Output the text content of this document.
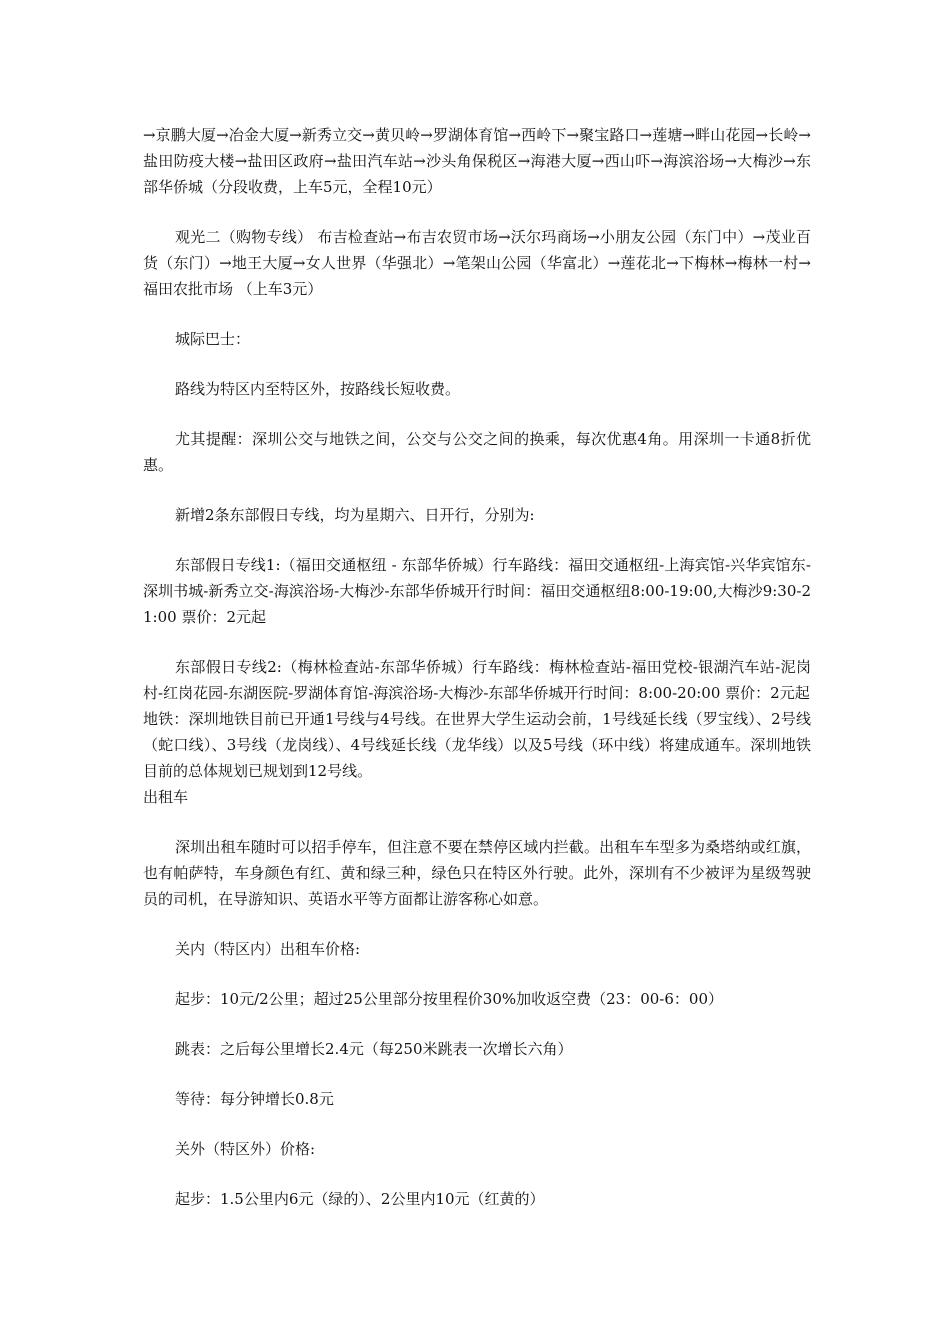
→京鹏大厦→冶金大厦→新秀立交→黄贝岭→罗湖体育馆→西岭下→聚宝路口→莲塘→畔山花园→长岭→盐田防疫大楼→盐田区政府→盐田汽车站→沙头角保税区→海港大厦→西山吓→海滨浴场→大梅沙→东部华侨城（分段收费，上车5元，全程10元）

观光二（购物专线） 布吉检查站→布吉农贸市场→沃尔玛商场→小朋友公园（东门中）→茂业百货（东门）→地王大厦→女人世界（华强北）→笔架山公园（华富北）→莲花北→下梅林→梅林一村→福田农批市场 （上车3元）

城际巴士：

路线为特区内至特区外，按路线长短收费。

尤其提醒：深圳公交与地铁之间，公交与公交之间的换乘，每次优惠4角。用深圳一卡通8折优惠。

新增2条东部假日专线，均为星期六、日开行，分别为:

东部假日专线1:（福田交通枢纽 - 东部华侨城）行车路线：福田交通枢纽-上海宾馆-兴华宾馆东-深圳书城-新秀立交-海滨浴场-大梅沙-东部华侨城开行时间：福田交通枢纽8:00-19:00,大梅沙9:30-21:00 票价：2元起

东部假日专线2:（梅林检查站-东部华侨城）行车路线：梅林检查站-福田党校-银湖汽车站-泥岗村-红岗花园-东湖医院-罗湖体育馆-海滨浴场-大梅沙-东部华侨城开行时间：8:00-20:00 票价：2元起

地铁：深圳地铁目前已开通1号线与4号线。在世界大学生运动会前，1号线延长线（罗宝线）、2号线（蛇口线）、3号线（龙岗线）、4号线延长线（龙华线）以及5号线（环中线）将建成通车。深圳地铁目前的总体规划已规划到12号线。

出租车

深圳出租车随时可以招手停车，但注意不要在禁停区域内拦截。出租车车型多为桑塔纳或红旗，也有帕萨特，车身颜色有红、黄和绿三种，绿色只在特区外行驶。此外，深圳有不少被评为星级驾驶员的司机，在导游知识、英语水平等方面都让游客称心如意。

关内（特区内）出租车价格:

起步：10元/2公里；超过25公里部分按里程价30%加收返空费（23：00-6：00）

跳表：之后每公里增长2.4元（每250米跳表一次增长六角）

等待：每分钟增长0.8元

关外（特区外）价格:

起步：1.5公里内6元（绿的）、2公里内10元（红黄的）
